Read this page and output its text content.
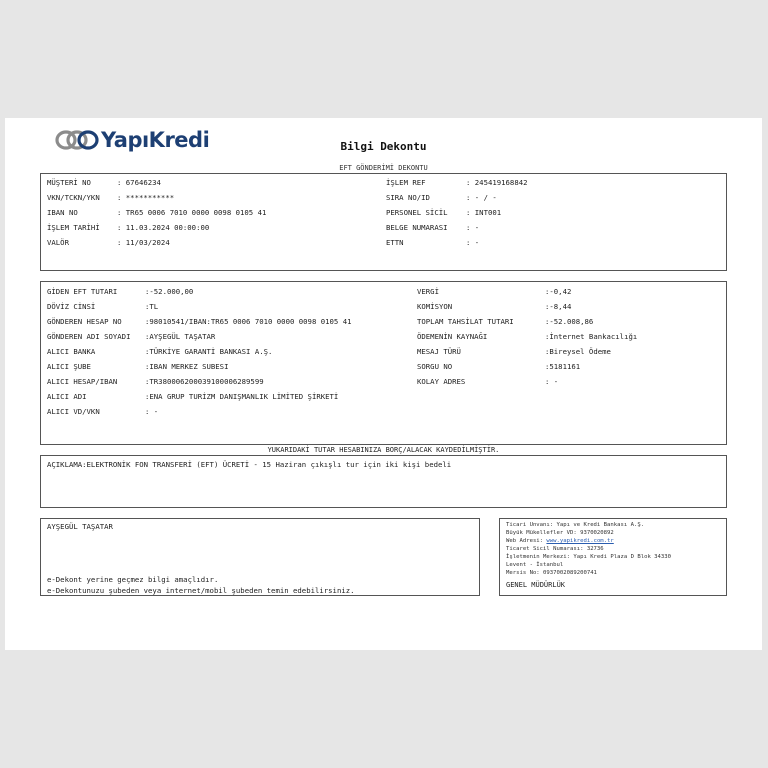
YapıKredi	Bilgi Dekontu
EFT GÖNDERİMİ DEKONTU
MÜŞTERİ NO	: 67646234
VKN/TCKN/YKN : ***********
IBAN NO	: TR65 0006 7010 0000 0098 0105 41
İŞLEM TARİHİ : 11.03.2024 00:00:00
VALÖR	: 11/03/2024
İŞLEM REF	: 245419168842
SIRA NO/ID	: - / -
PERSONEL SİCİL	: INT001
BELGE NUMARASI	: -
ETTN	: -
GİDEN EFT TUTARI	:-52.000,00
DÖVİZ CİNSİ	:TL
GÖNDEREN HESAP NO	:98010541/IBAN:TR65 0006 7010 0000 0098 0105 41
GÖNDEREN ADI SOYADI :AYŞEGÜL TAŞATAR
ALICI BANKA	:TÜRKİYE GARANTİ BANKASI A.Ş.
ALICI ŞUBE	:IBAN MERKEZ SUBESI
ALICI HESAP/IBAN	:TR380006200039100006289599
ALICI ADI	:ENA GRUP TURİZM DANIŞMANLIK LİMİTED ŞİRKETİ
ALICI VD/VKN	: -
VERGİ	:-0,42
KOMİSYON	:-8,44
TOPLAM TAHSİLAT TUTARI	:-52.008,86
ÖDEMENİN KAYNAĞI	:İnternet Bankacılığı
MESAJ TÜRÜ	:Bireysel Ödeme
SORGU NO	:5181161
KOLAY ADRES	: -
YUKARIDAKİ TUTAR HESABINIZA BORÇ/ALACAK KAYDEDİLMİŞTİR.
AÇIKLAMA:ELEKTRONİK FON TRANSFERİ (EFT) ÜCRETİ - 15 Haziran çıkışlı tur için iki kişi bedeli
AYŞEGÜL TAŞATAR
e-Dekont yerine geçmez bilgi amaçlıdır.
e-Dekontunuzu şubeden veya internet/mobil şubeden temin edebilirsiniz.
Ticari Unvanı: Yapı ve Kredi Bankası A.Ş.
Büyük Mükellefler VD: 9370020892
Web Adresi: www.yapikredi.com.tr
Ticaret Sicil Numarası: 32736
İşletmenin Merkezi: Yapı Kredi Plaza D Blok 34330
Levent - İstanbul
Mersis No: 0937002089200741
GENEL MÜDÜRLÜK
